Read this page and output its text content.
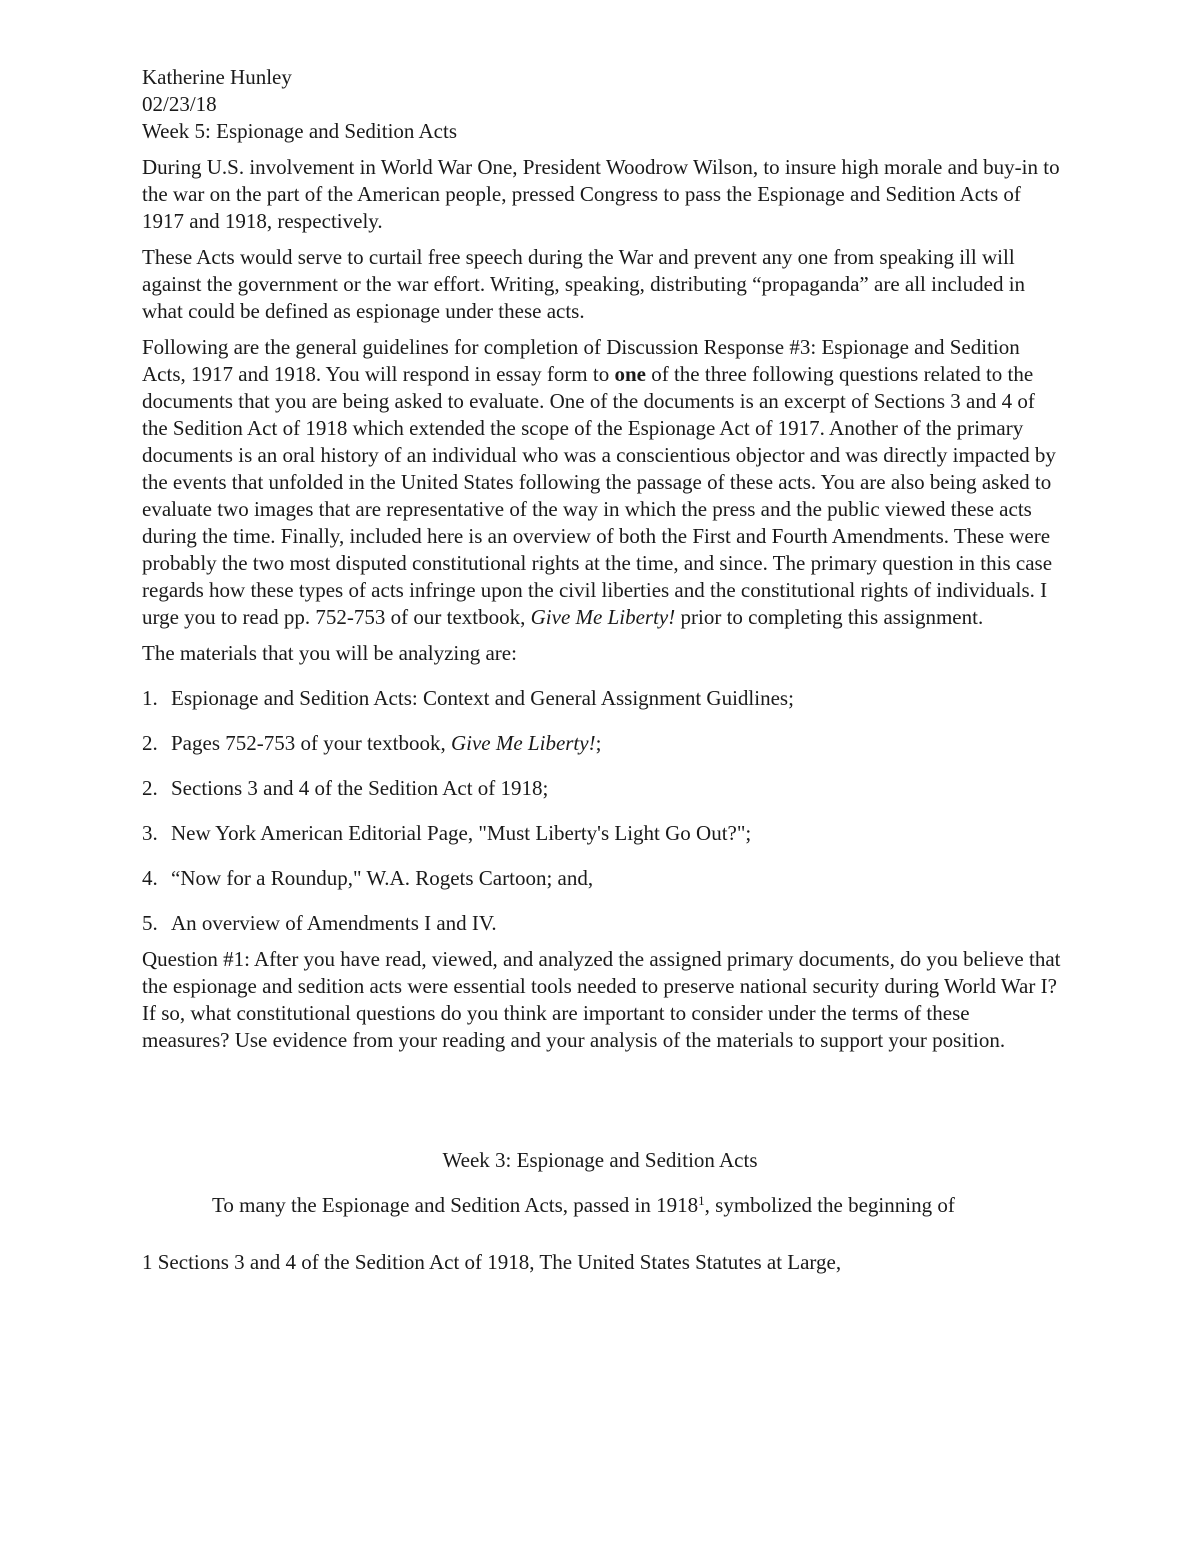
Katherine Hunley

02/23/18

Week 5: Espionage and Sedition Acts

During U.S. involvement in World War One, President Woodrow Wilson, to insure high morale and buy-in to the war on the part of the American people, pressed Congress to pass the Espionage and Sedition Acts of 1917 and 1918, respectively.

These Acts would serve to curtail free speech during the War and prevent any one from speaking ill will against the government or the war effort. Writing, speaking, distributing “propaganda” are all included in what could be defined as espionage under these acts.

Following are the general guidelines for completion of Discussion Response #3: Espionage and Sedition Acts, 1917 and 1918. You will respond in essay form to one of the three following questions related to the documents that you are being asked to evaluate. One of the documents is an excerpt of Sections 3 and 4 of the Sedition Act of 1918 which extended the scope of the Espionage Act of 1917. Another of the primary documents is an oral history of an individual who was a conscientious objector and was directly impacted by the events that unfolded in the United States following the passage of these acts. You are also being asked to evaluate two images that are representative of the way in which the press and the public viewed these acts during the time. Finally, included here is an overview of both the First and Fourth Amendments. These were probably the two most disputed constitutional rights at the time, and since. The primary question in this case regards how these types of acts infringe upon the civil liberties and the constitutional rights of individuals. I urge you to read pp. 752-753 of our textbook, Give Me Liberty! prior to completing this assignment.

The materials that you will be analyzing are:

1. Espionage and Sedition Acts: Context and General Assignment Guidlines;

2. Pages 752-753 of your textbook, Give Me Liberty!;

2. Sections 3 and 4 of the Sedition Act of 1918;

3. New York American Editorial Page, "Must Liberty's Light Go Out?";

4. “Now for a Roundup," W.A. Rogets Cartoon; and,

5. An overview of Amendments I and IV.

Question #1: After you have read, viewed, and analyzed the assigned primary documents, do you believe that the espionage and sedition acts were essential tools needed to preserve national security during World War I? If so, what constitutional questions do you think are important to consider under the terms of these measures? Use evidence from your reading and your analysis of the materials to support your position.

Week 3: Espionage and Sedition Acts

To many the Espionage and Sedition Acts, passed in 1918$^1$, symbolized the beginning of

1 Sections 3 and 4 of the Sedition Act of 1918, The United States Statutes at Large,
